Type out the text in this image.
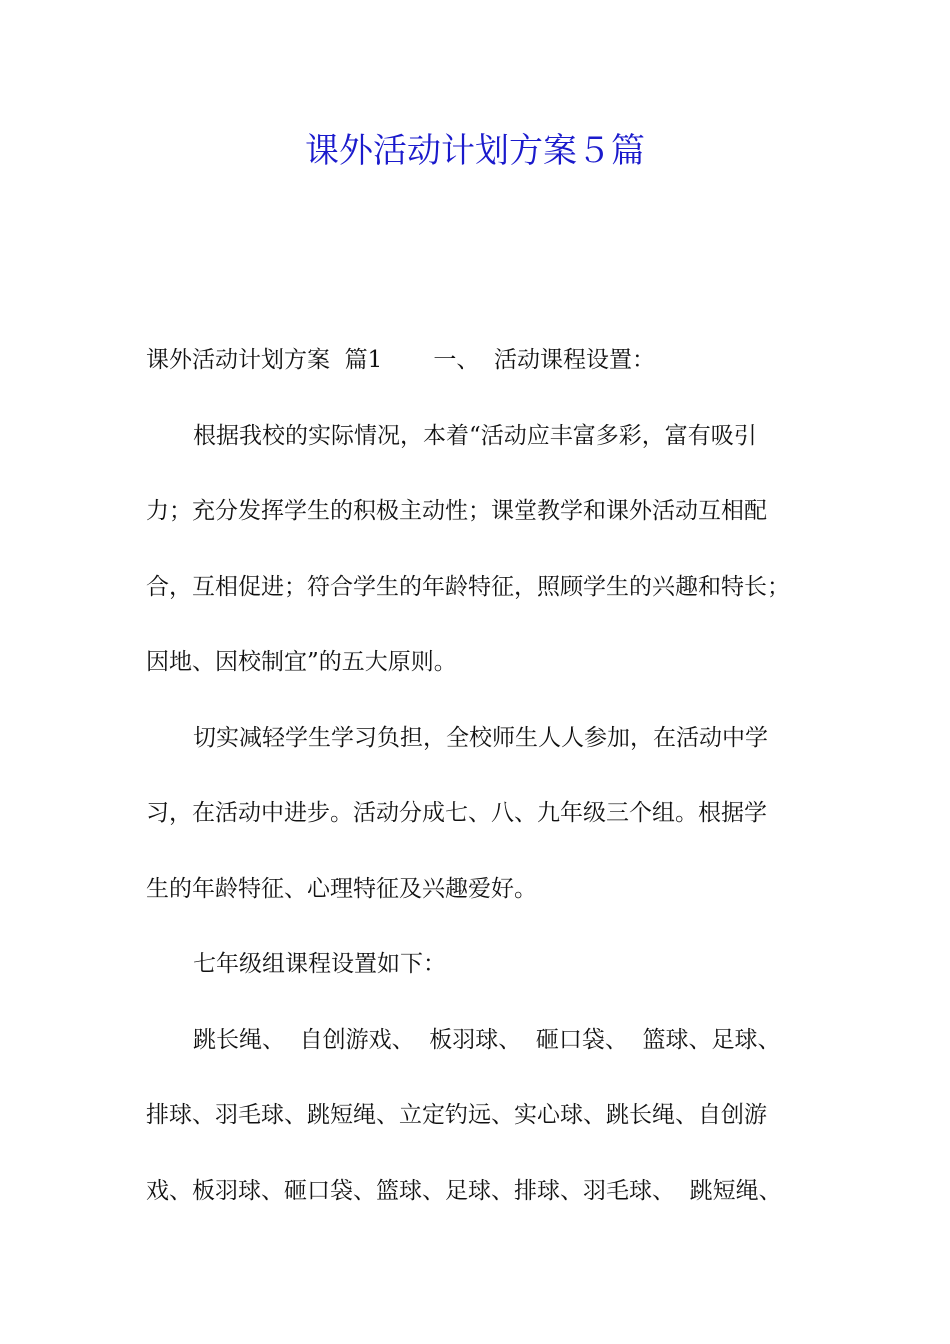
课外活动计划方案５篇
课外活动计划方案  篇1       一、  活动课程设置：
根据我校的实际情况，本着“活动应丰富多彩，富有吸引
力；充分发挥学生的积极主动性；课堂教学和课外活动互相配
合，互相促进；符合学生的年龄特征，照顾学生的兴趣和特长；
因地、因校制宜”的五大原则。
切实减轻学生学习负担，全校师生人人参加，在活动中学
习，在活动中进步。活动分成七、八、九年级三个组。根据学
生的年龄特征、心理特征及兴趣爱好。
七年级组课程设置如下：
跳长绳、  自创游戏、  板羽球、  砸口袋、  篮球、足球、
排球、羽毛球、跳短绳、立定钓远、实心球、跳长绳、自创游
戏、板羽球、砸口袋、篮球、足球、排球、羽毛球、  跳短绳、
